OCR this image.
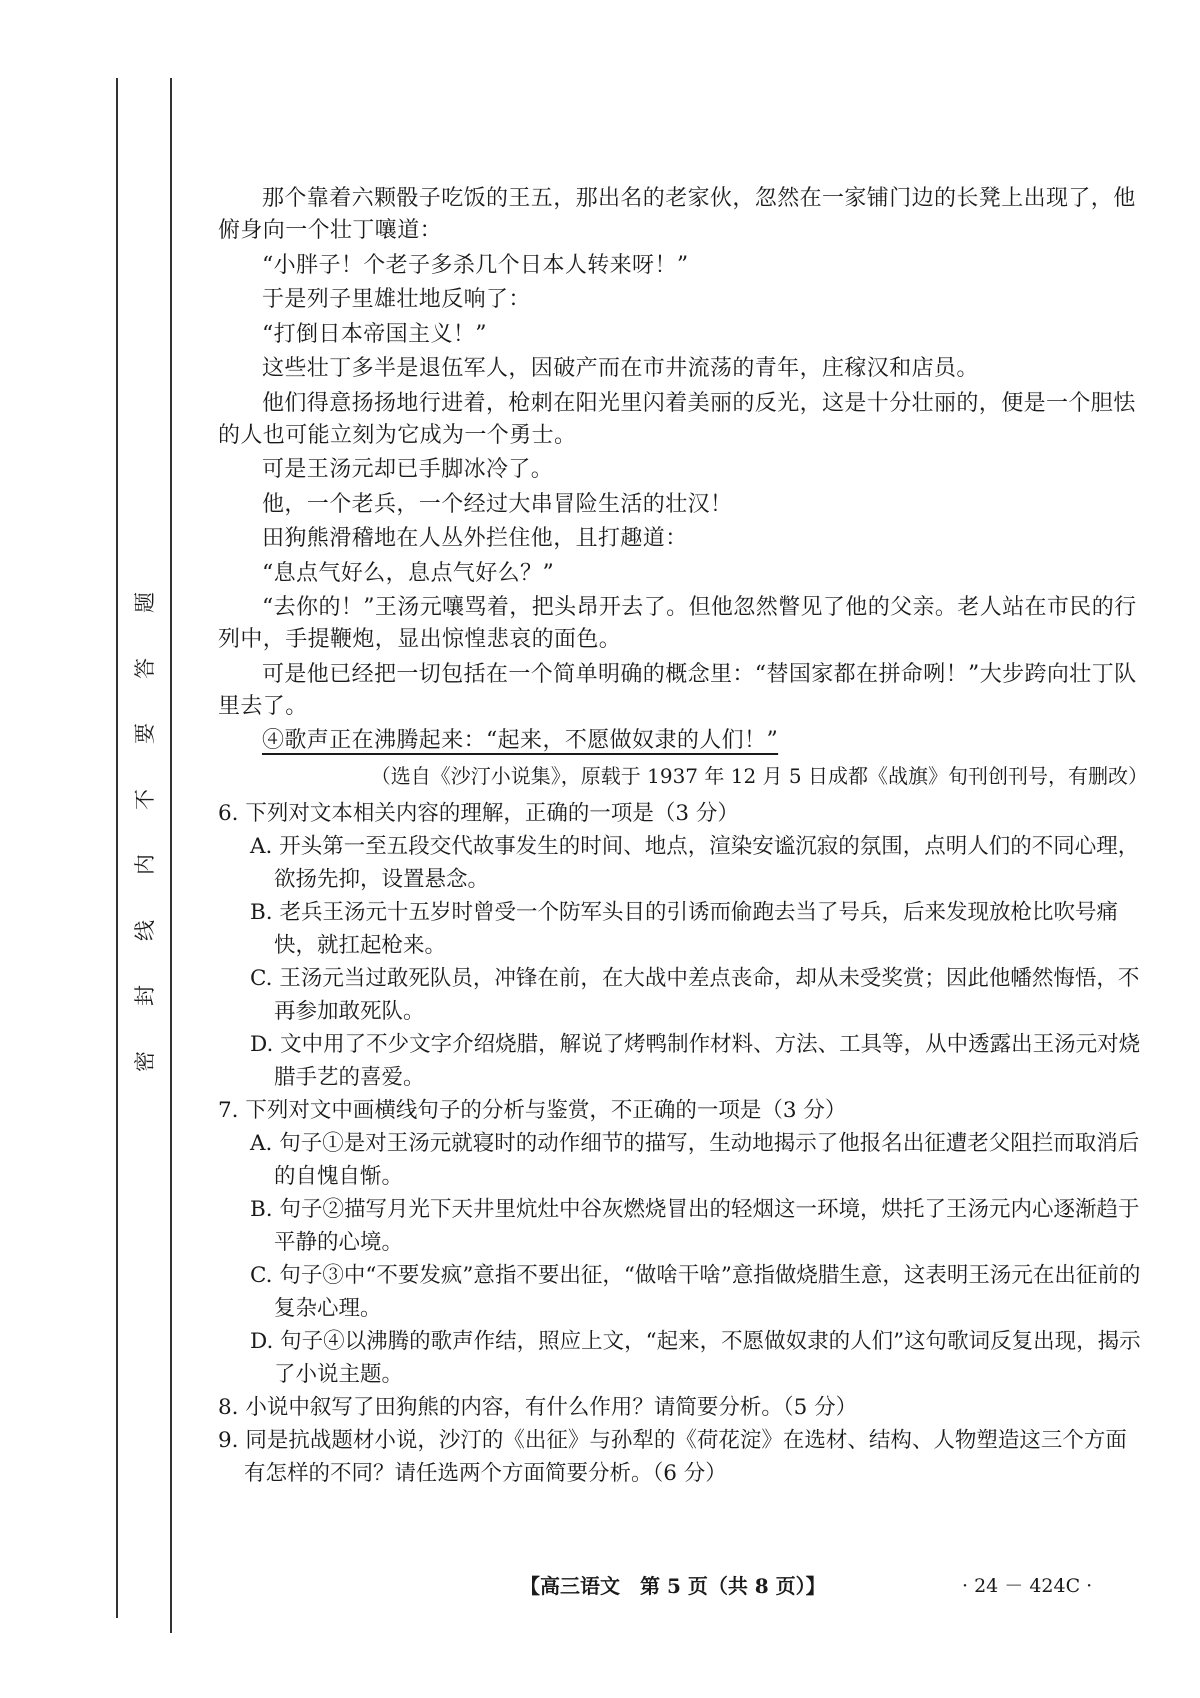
题
答
要
不
内
线
封
密

那个靠着六颗骰子吃饭的王五，那出名的老家伙，忽然在一家铺门边的长凳上出现了，他俯身向一个壮丁嚷道：

“小胖子！个老子多杀几个日本人转来呀！”

于是列子里雄壮地反响了：

“打倒日本帝国主义！”

这些壮丁多半是退伍军人，因破产而在市井流荡的青年，庄稼汉和店员。

他们得意扬扬地行进着，枪刺在阳光里闪着美丽的反光，这是十分壮丽的，便是一个胆怯的人也可能立刻为它成为一个勇士。

可是王汤元却已手脚冰冷了。

他，一个老兵，一个经过大串冒险生活的壮汉！

田狗熊滑稽地在人丛外拦住他，且打趣道：

“息点气好么，息点气好么？”

“去你的！”王汤元嚷骂着，把头昂开去了。但他忽然瞥见了他的父亲。老人站在市民的行列中，手提鞭炮，显出惊惶悲哀的面色。

可是他已经把一切包括在一个简单明确的概念里：“替国家都在拼命咧！”大步跨向壮丁队里去了。

④歌声正在沸腾起来：“起来，不愿做奴隶的人们！”

（选自《沙汀小说集》，原载于 1937 年 12 月 5 日成都《战旗》旬刊创刊号，有删改）

6. 下列对文本相关内容的理解，正确的一项是（3 分）

A. 开头第一至五段交代故事发生的时间、地点，渲染安谧沉寂的氛围，点明人们的不同心理，欲扬先抑，设置悬念。

B. 老兵王汤元十五岁时曾受一个防军头目的引诱而偷跑去当了号兵，后来发现放枪比吹号痛快，就扛起枪来。

C. 王汤元当过敢死队员，冲锋在前，在大战中差点丧命，却从未受奖赏；因此他幡然悔悟，不再参加敢死队。

D. 文中用了不少文字介绍烧腊，解说了烤鸭制作材料、方法、工具等，从中透露出王汤元对烧腊手艺的喜爱。

7. 下列对文中画横线句子的分析与鉴赏，不正确的一项是（3 分）

A. 句子①是对王汤元就寝时的动作细节的描写，生动地揭示了他报名出征遭老父阻拦而取消后的自愧自惭。

B. 句子②描写月光下天井里炕灶中谷灰燃烧冒出的轻烟这一环境，烘托了王汤元内心逐渐趋于平静的心境。

C. 句子③中“不要发疯”意指不要出征，“做啥干啥”意指做烧腊生意，这表明王汤元在出征前的复杂心理。

D. 句子④以沸腾的歌声作结，照应上文，“起来，不愿做奴隶的人们”这句歌词反复出现，揭示了小说主题。

8. 小说中叙写了田狗熊的内容，有什么作用？请简要分析。（5 分）

9. 同是抗战题材小说，沙汀的《出征》与孙犁的《荷花淀》在选材、结构、人物塑造这三个方面有怎样的不同？请任选两个方面简要分析。（6 分）

【高三语文　第 5 页（共 8 页）】	· 24 － 424C ·
